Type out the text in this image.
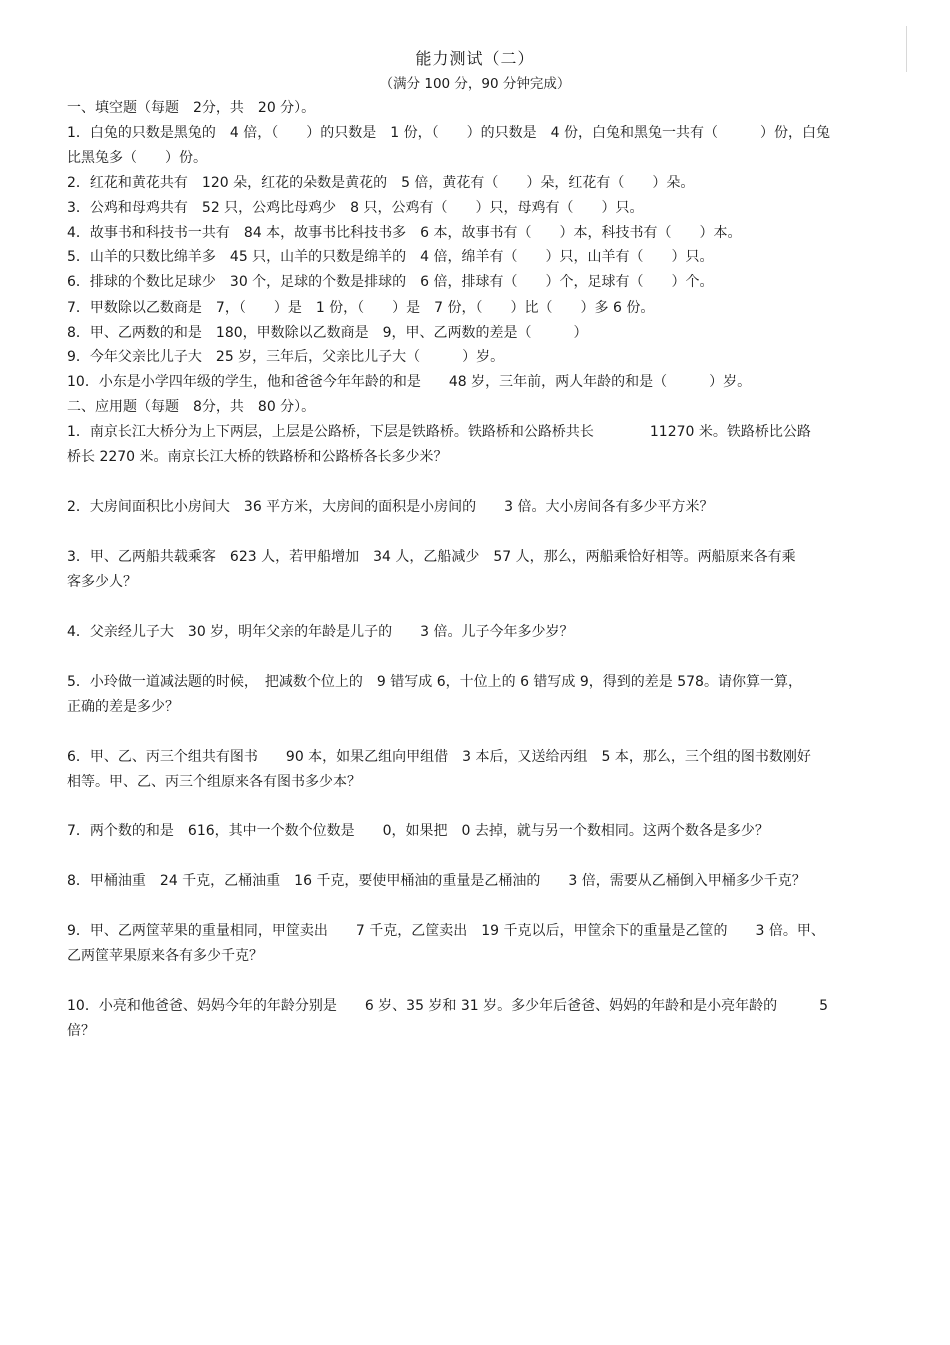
能力测试（二）
（满分 100 分，90 分钟完成）
一、填空题（每题　2分，共　20 分）。
1．白兔的只数是黑兔的　4 倍，（　　）的只数是　1 份，（　　）的只数是　4 份，白兔和黑兔一共有（　　　）份，白兔
比黑兔多（　　）份。
2．红花和黄花共有　120 朵，红花的朵数是黄花的　5 倍，黄花有（　　）朵，红花有（　　）朵。
3．公鸡和母鸡共有　52 只，公鸡比母鸡少　8 只，公鸡有（　　）只，母鸡有（　　）只。
4．故事书和科技书一共有　84 本，故事书比科技书多　6 本，故事书有（　　）本，科技书有（　　）本。
5．山羊的只数比绵羊多　45 只，山羊的只数是绵羊的　4 倍，绵羊有（　　）只，山羊有（　　）只。
6．排球的个数比足球少　30 个，足球的个数是排球的　6 倍，排球有（　　）个，足球有（　　）个。
7．甲数除以乙数商是　7，（　　）是　1 份，（　　）是　7 份，（　　）比（　　）多 6 份。
8．甲、乙两数的和是　180，甲数除以乙数商是　9，甲、乙两数的差是（　　　）
9．今年父亲比儿子大　25 岁，三年后，父亲比儿子大（　　　）岁。
10．小东是小学四年级的学生，他和爸爸今年年龄的和是　　48 岁，三年前，两人年龄的和是（　　　）岁。
二、应用题（每题　8分，共　80 分）。
1．南京长江大桥分为上下两层，上层是公路桥，下层是铁路桥。铁路桥和公路桥共长　　　　11270 米。铁路桥比公路
桥长 2270 米。南京长江大桥的铁路桥和公路桥各长多少米？
2．大房间面积比小房间大　36 平方米，大房间的面积是小房间的　　3 倍。大小房间各有多少平方米？
3．甲、乙两船共载乘客　623 人，若甲船增加　34 人，乙船减少　57 人，那么，两船乘恰好相等。两船原来各有乘
客多少人？
4．父亲经儿子大　30 岁，明年父亲的年龄是儿子的　　3 倍。儿子今年多少岁？
5．小玲做一道减法题的时候，　把减数个位上的　9 错写成 6，十位上的 6 错写成 9，得到的差是 578。请你算一算，
正确的差是多少？
6．甲、乙、丙三个组共有图书　　90 本，如果乙组向甲组借　3 本后，又送给丙组　5 本，那么，三个组的图书数刚好
相等。甲、乙、丙三个组原来各有图书多少本？
7．两个数的和是　616，其中一个数个位数是　　0，如果把　0 去掉，就与另一个数相同。这两个数各是多少？
8．甲桶油重　24 千克，乙桶油重　16 千克，要使甲桶油的重量是乙桶油的　　3 倍，需要从乙桶倒入甲桶多少千克？
9．甲、乙两筐苹果的重量相同，甲筐卖出　　7 千克，乙筐卖出　19 千克以后，甲筐余下的重量是乙筐的　　3 倍。甲、
乙两筐苹果原来各有多少千克？
10．小亮和他爸爸、妈妈今年的年龄分别是　　6 岁、35 岁和 31 岁。多少年后爸爸、妈妈的年龄和是小亮年龄的　　　5
倍？
